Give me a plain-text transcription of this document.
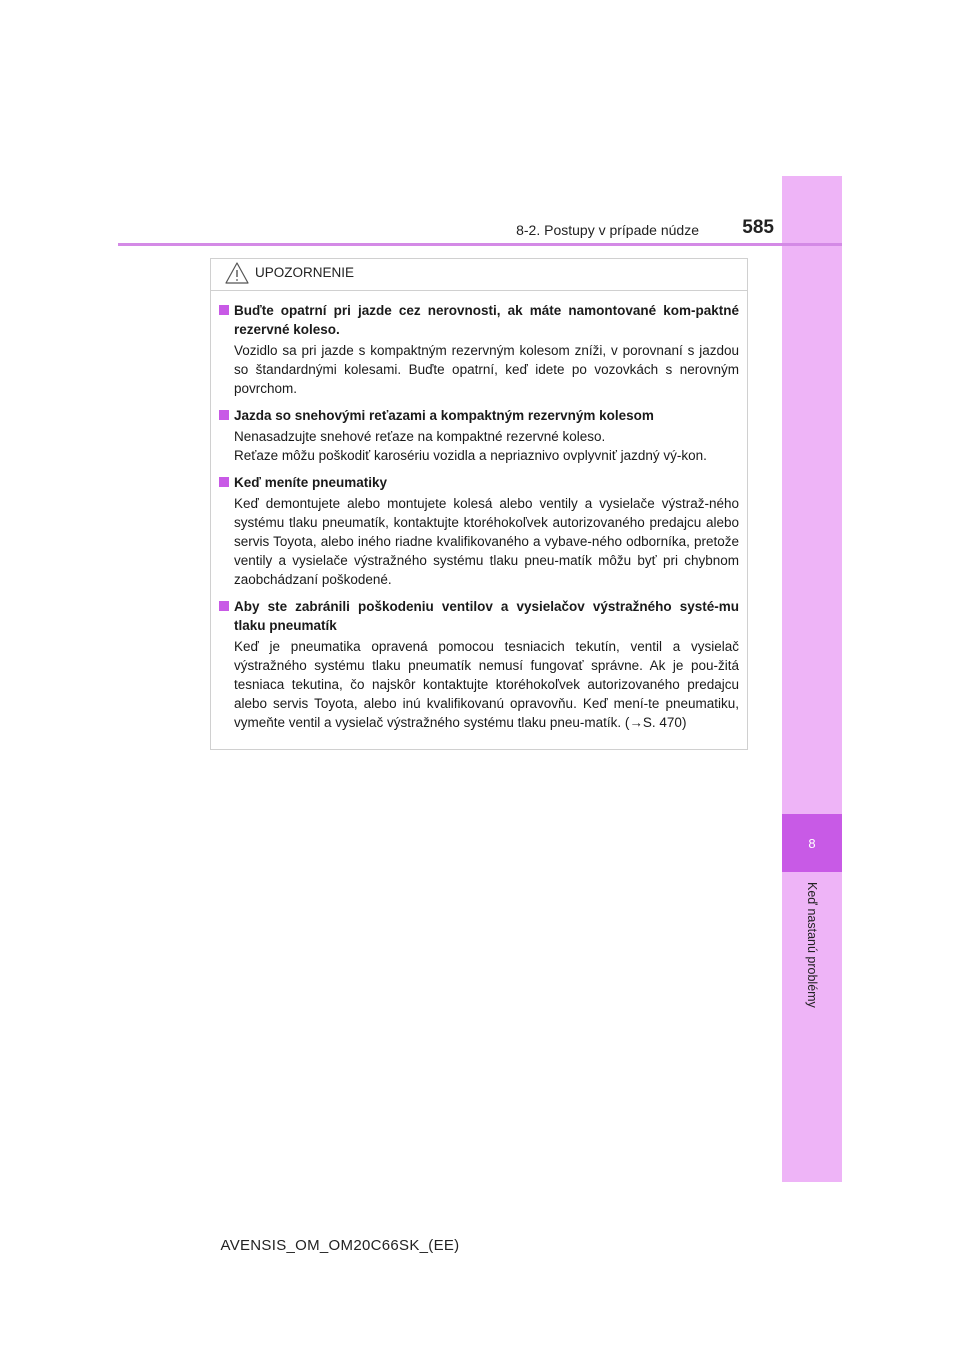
8
Keď nastanú problémy
8-2. Postupy v prípade núdze	585
UPOZORNENIE
Buďte opatrní pri jazde cez nerovnosti, ak máte namontované kom-paktné rezervné koleso.
Vozidlo sa pri jazde s kompaktným rezervným kolesom zníži, v porovnaní s jazdou so štandardnými kolesami. Buďte opatrní, keď idete po vozovkách s nerovným povrchom.
Jazda so snehovými reťazami a kompaktným rezervným kolesom
Nenasadzujte snehové reťaze na kompaktné rezervné koleso.
Reťaze môžu poškodiť karosériu vozidla a nepriaznivo ovplyvniť jazdný vý-kon.
Keď meníte pneumatiky
Keď demontujete alebo montujete kolesá alebo ventily a vysielače výstraž-ného systému tlaku pneumatík, kontaktujte ktoréhokoľvek autorizovaného predajcu alebo servis Toyota, alebo iného riadne kvalifikovaného a vybave-ného odborníka, pretože ventily a vysielače výstražného systému tlaku pneu-matík môžu byť pri chybnom zaobchádzaní poškodené.
Aby ste zabránili poškodeniu ventilov a vysielačov výstražného systé-mu tlaku pneumatík
Keď je pneumatika opravená pomocou tesniacich tekutín, ventil a vysielač výstražného systému tlaku pneumatík nemusí fungovať správne. Ak je pou-žitá tesniaca tekutina, čo najskôr kontaktujte ktoréhokoľvek autorizovaného predajcu alebo servis Toyota, alebo inú kvalifikovanú opravovňu. Keď mení-te pneumatiku, vymeňte ventil a vysielač výstražného systému tlaku pneu-matík. (→S. 470)
AVENSIS_OM_OM20C66SK_(EE)
